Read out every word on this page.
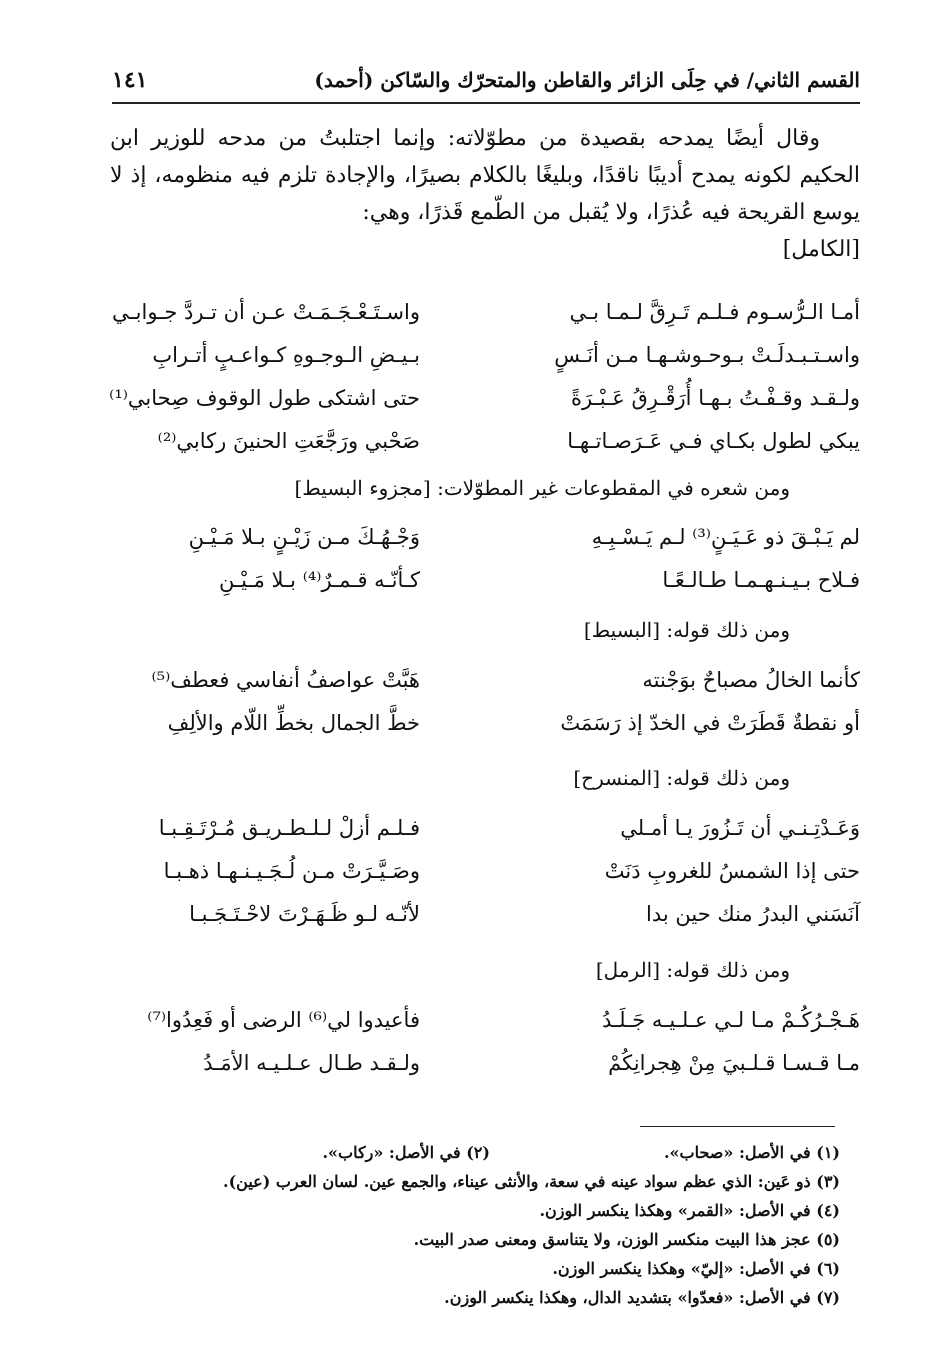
القسم الثاني/ في حِلَى الزائر والقاطن والمتحرّك والسّاكن (أحمد)
١٤١

وقال أيضًا يمدحه بقصيدة من مطوّلاته: وإنما اجتلبتُ من مدحه للوزير ابن الحكيم لكونه يمدح أديبًا ناقدًا، وبليغًا بالكلام بصيرًا، والإجادة تلزم فيه منظومه، إذ لا يوسع القريحة فيه عُذرًا، ولا يُقبل من الطّمع قَذرًا، وهي:

[الكامل]

أمـا الـرُّسـوم فـلـم تَـرِقَّ لـمـا بـي
واسـتَـعْـجَـمَـتْ عـن أن تـردَّ جـوابـي
واسـتـبـدلَـتْ بـوحـوشـهـا مـن أنَـسٍ
بـيـضِ الـوجـوهِ كـواعـبٍ أتـرابِ
ولـقـد وقـفْـتُ بـهـا أُرَقْـرِقُ عَـبْـرَةً
حتى اشتكى طول الوقوف صِحابي⁽¹⁾
يبكي لطول بكـاي فـي عَـرَصـاتـهـا
صَحْبي ورَجَّعَتِ الحنينَ ركابي⁽²⁾
ومن شعره في المقطوعات غير المطوّلات: [مجزوء البسيط]
لم يَـبْـقَ ذو عَـيَـنٍ⁽³⁾ لـم يَـسْـبِـهِ
وَجْـهُـكَ مـن زَيْـنٍ بـلا مَـيْـنِ
فـلاح بـيـنـهـمـا طـالـعًـا
كـأنّـه قـمـرٌ⁽⁴⁾ بـلا مَـيْـنِ
ومن ذلك قوله: [البسيط]
كأنما الخالُ مصباحٌ بوَجْنته
هَبَّتْ عواصفُ أنفاسي فعطف⁽⁵⁾
أو نقطةٌ قَطَرَتْ في الخدّ إذ رَسَمَتْ
خطَّ الجمال بخطِّ اللّام والألِفِ
ومن ذلك قوله: [المنسرح]
وَعَـدْتِـنـي أن تَـزُورَ يـا أمـلي
فـلـم أزلْ لـلـطـريـق مُـرْتَـقِـبـا
حتى إذا الشمسُ للغروبِ دَنَتْ
وصَـيَّـرَتْ مـن لُـجَـيـنـهـا ذهـبـا
آنَسَني البدرُ منك حين بدا
لأنّـه لـو ظَـهَـرْتَ لاحْـتَـجَـبـا
ومن ذلك قوله: [الرمل]
هَـجْـرُكُـمْ مـا لـي عـلـيـه جَـلَـدُ
فأعيدوا لي⁽⁶⁾ الرضى أو فَعِدُوا⁽⁷⁾
مـا قـسـا قـلـبيَ مِنْ هِجرانِكُمْ
ولـقـد طـال عـلـيـه الأمَـدُ
(١) في الأصل: «صحاب».
(٢) في الأصل: «ركاب».
(٣) ذو عَين: الذي عظم سواد عينه في سعة، والأنثى عيناء، والجمع عين. لسان العرب (عين).
(٤) في الأصل: «القمر» وهكذا ينكسر الوزن.
(٥) عجز هذا البيت منكسر الوزن، ولا يتناسق ومعنى صدر البيت.
(٦) في الأصل: «إليّ» وهكذا ينكسر الوزن.
(٧) في الأصل: «فعدّوا» بتشديد الدال، وهكذا ينكسر الوزن.
